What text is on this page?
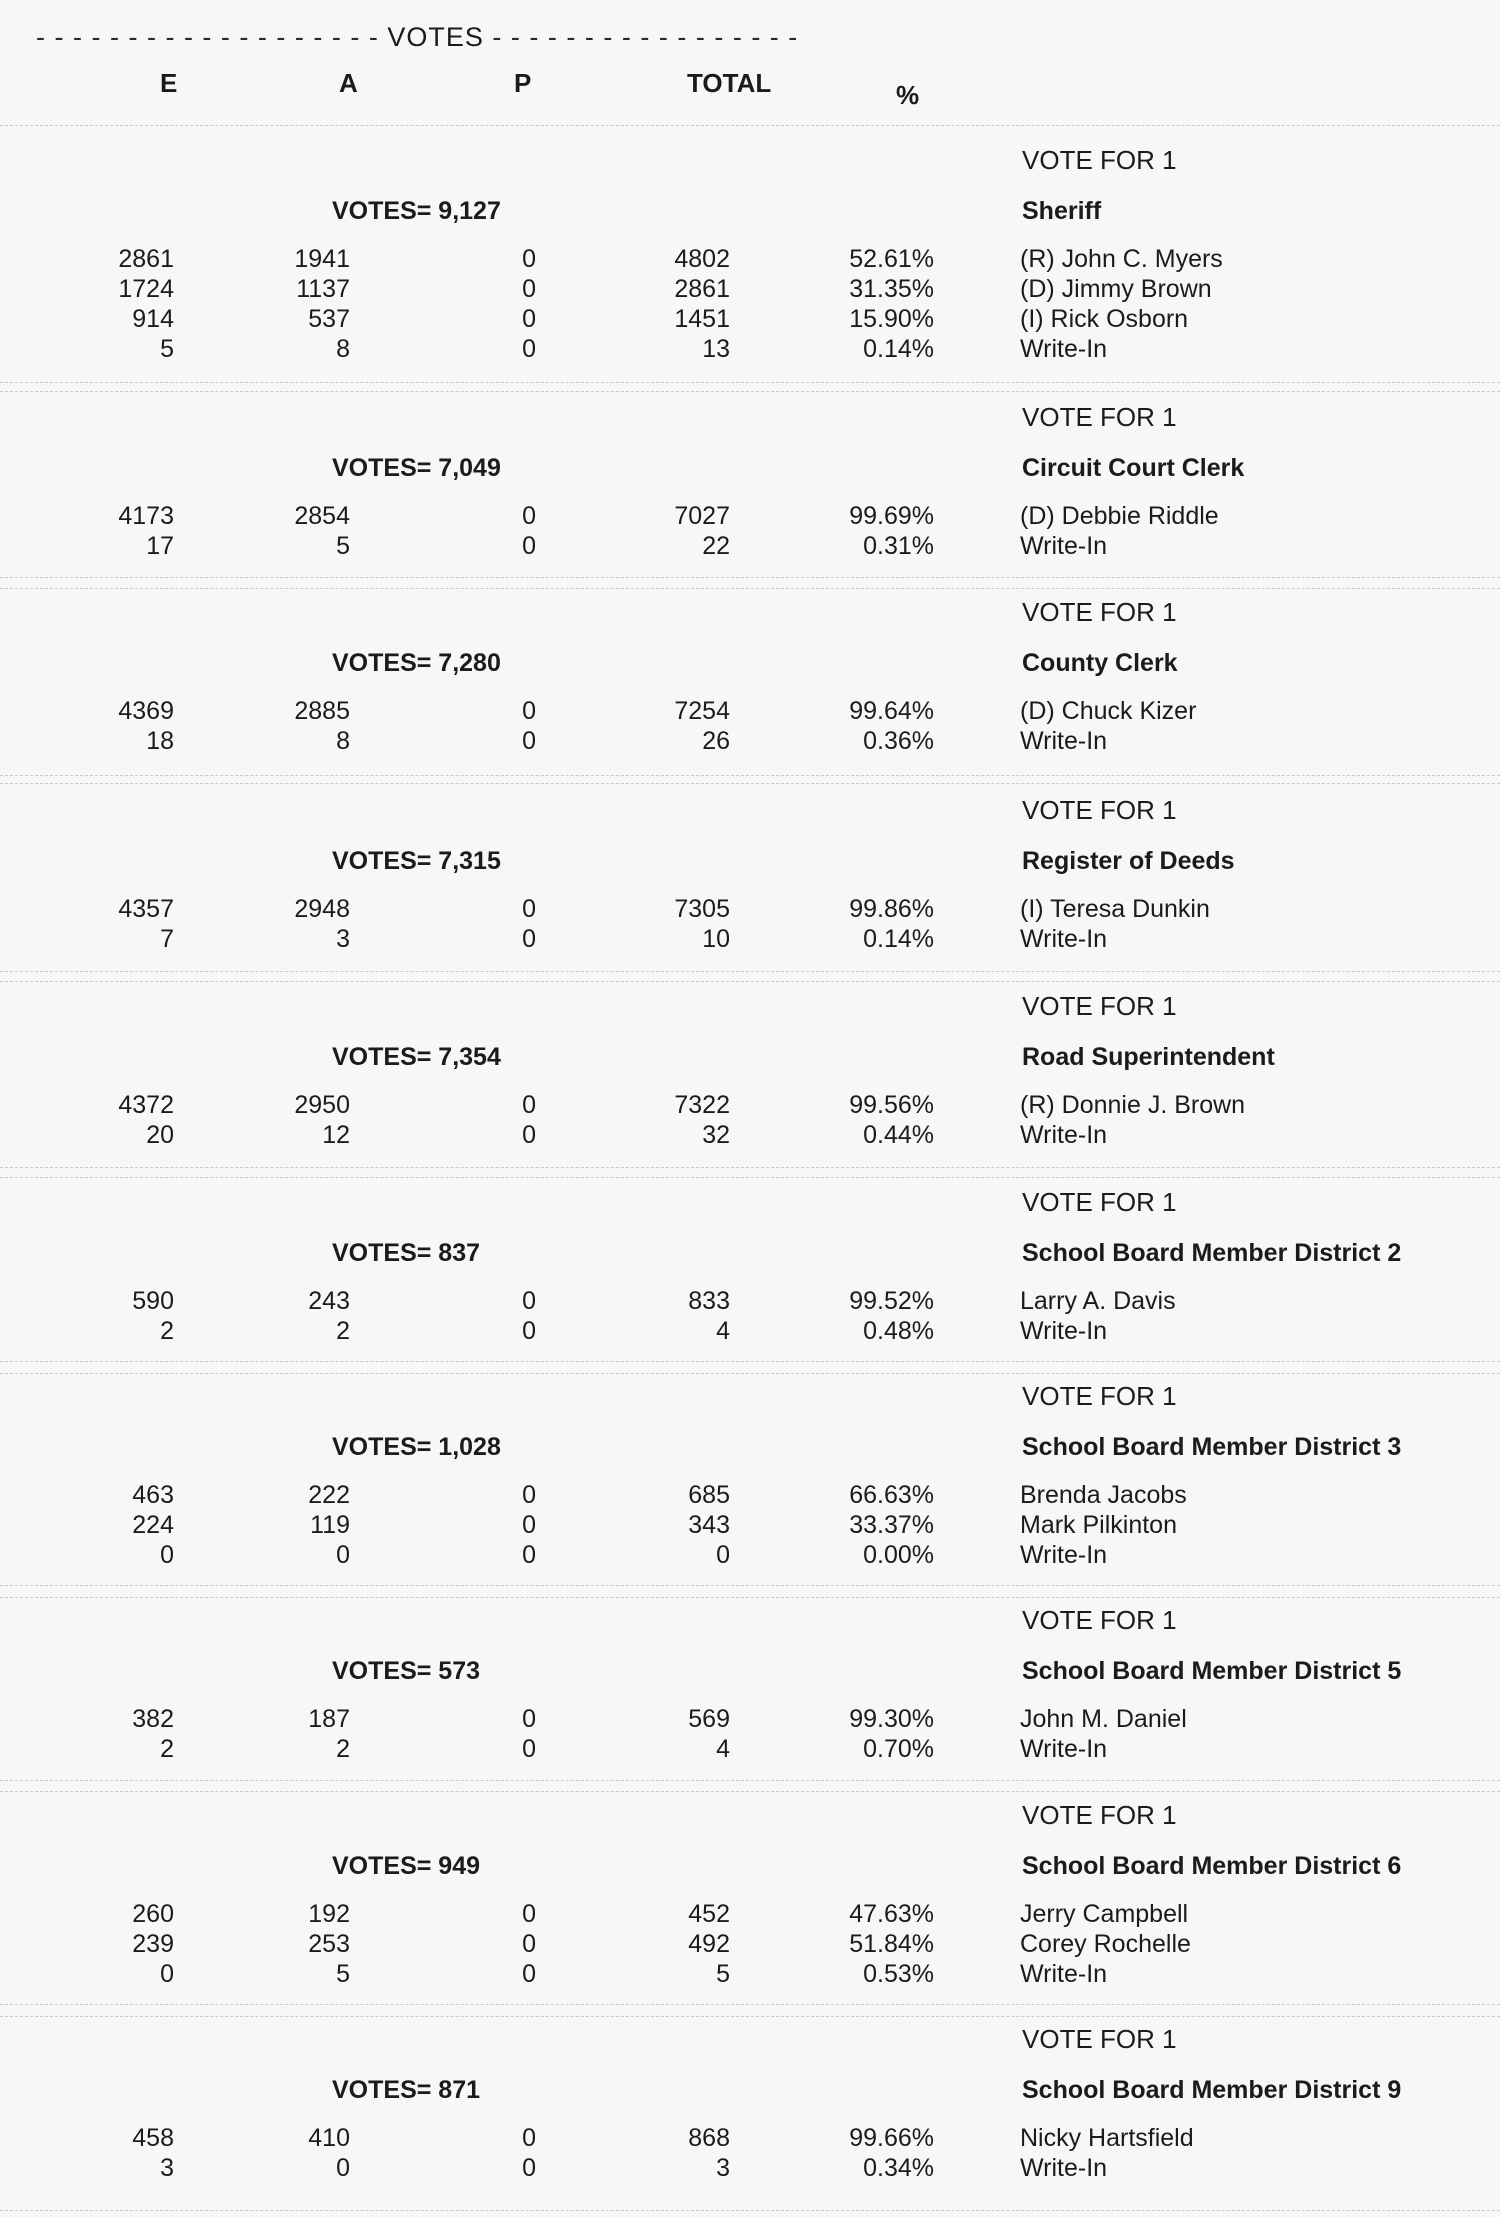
- - - - - - - - - - - - - - - - - - - VOTES - - - - - - - - - - - - - - - - -
E	A	P	TOTAL	%
VOTE FOR 1
VOTES= 9,127	Sheriff
2861	1941	0	4802	52.61%	(R) John C. Myers
1724	1137	0	2861	31.35%	(D) Jimmy Brown
914	537	0	1451	15.90%	(I) Rick Osborn
5	8	0	13	0.14%	Write-In
VOTE FOR 1
VOTES= 7,049	Circuit Court Clerk
4173	2854	0	7027	99.69%	(D) Debbie Riddle
17	5	0	22	0.31%	Write-In
VOTE FOR 1
VOTES= 7,280	County Clerk
4369	2885	0	7254	99.64%	(D) Chuck Kizer
18	8	0	26	0.36%	Write-In
VOTE FOR 1
VOTES= 7,315	Register of Deeds
4357	2948	0	7305	99.86%	(I) Teresa Dunkin
7	3	0	10	0.14%	Write-In
VOTE FOR 1
VOTES= 7,354	Road Superintendent
4372	2950	0	7322	99.56%	(R) Donnie J. Brown
20	12	0	32	0.44%	Write-In
VOTE FOR 1
VOTES= 837	School Board Member District 2
590	243	0	833	99.52%	Larry A. Davis
2	2	0	4	0.48%	Write-In
VOTE FOR 1
VOTES= 1,028	School Board Member District 3
463	222	0	685	66.63%	Brenda Jacobs
224	119	0	343	33.37%	Mark Pilkinton
0	0	0	0	0.00%	Write-In
VOTE FOR 1
VOTES= 573	School Board Member District 5
382	187	0	569	99.30%	John M. Daniel
2	2	0	4	0.70%	Write-In
VOTE FOR 1
VOTES= 949	School Board Member District 6
260	192	0	452	47.63%	Jerry Campbell
239	253	0	492	51.84%	Corey Rochelle
0	5	0	5	0.53%	Write-In
VOTE FOR 1
VOTES= 871	School Board Member District 9
458	410	0	868	99.66%	Nicky Hartsfield
3	0	0	3	0.34%	Write-In
